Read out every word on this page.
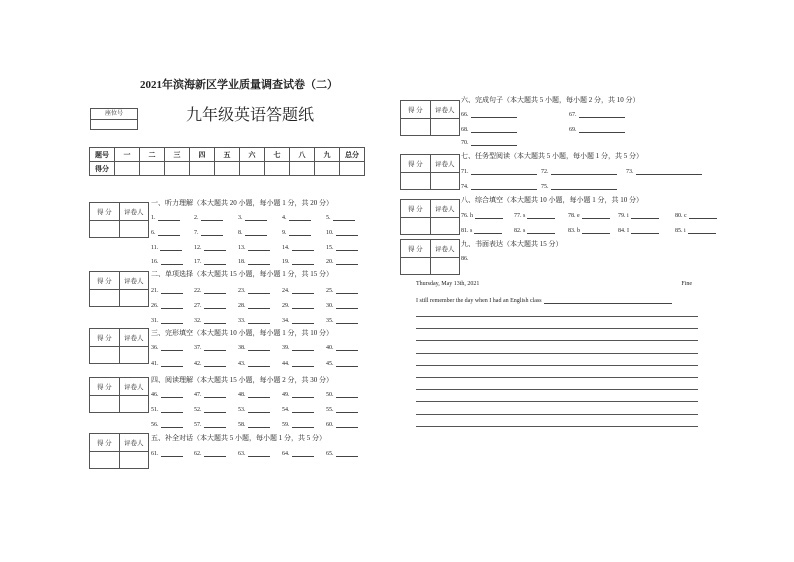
2021年滨海新区学业质量调查试卷（二）
座位号	九年级英语答题纸
题号	一	二	三	四	五	六	七	八	九	总分
得分										
得 分	评卷人
一、听力理解（本大题共 20 小题，每小题 1 分，共 20 分）
1.	2.	3.	4.	5.
6.	7.	8.	9.	10.
11.	12.	13.	14.	15.
16.	17.	18.	19.	20.
得 分	评卷人
二、单项选择（本大题共 15 小题，每小题 1 分，共 15 分）
21.	22.	23.	24.	25.
26.	27.	28.	29.	30.
31.	32.	33.	34.	35.
得 分	评卷人
三、完形填空（本大题共 10 小题，每小题 1 分，共 10 分）
36.	37.	38.	39.	40.
41.	42.	43.	44.	45.
得 分	评卷人
四、阅读理解（本大题共 15 小题，每小题 2 分，共 30 分）
46.	47.	48.	49.	50.
51.	52.	53.	54.	55.
56.	57.	58.	59.	60.
得 分	评卷人
五、补全对话（本大题共 5 小题，每小题 1 分，共 5 分）
61.	62.	63.	64.	65.
得 分	评卷人
六、完成句子（本大题共 5 小题，每小题 2 分，共 10 分）
66.	67.
68.	69.
70.
得 分	评卷人
七、任务型阅读（本大题共 5 小题，每小题 1 分，共 5 分）
71.	72.	73.
74.	75.
得 分	评卷人
八、综合填空（本大题共 10 小题，每小题 1 分，共 10 分）
76. h	77. s	78. e	79. i	80. c
81. s	82. s	83. b	84. I	85. i
得 分	评卷人
九、书面表达（本大题共 15 分）
86.
Thursday, May 13th, 2021	Fine
I still remember the day when I had an English class
